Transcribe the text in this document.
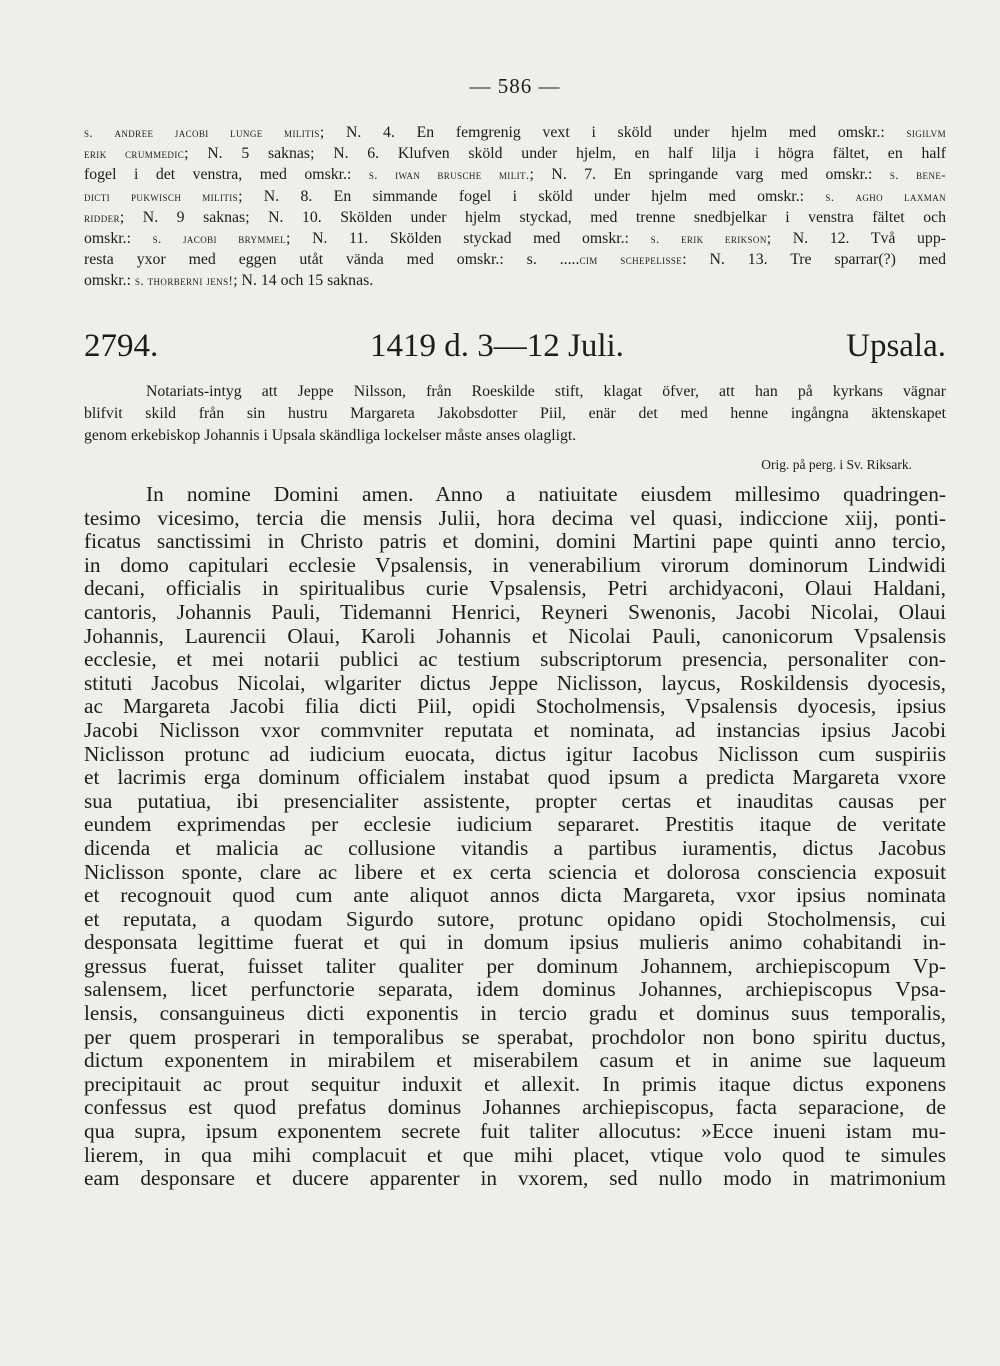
— 586 —
s. andree jacobi lunge militis; N. 4. En femgrenig vext i sköld under hjelm med omskr.: sigilvm
erik crummedic; N. 5 saknas; N. 6. Klufven sköld under hjelm, en half lilja i högra fältet, en half
fogel i det venstra, med omskr.: s. iwan brusche milit.; N. 7. En springande varg med omskr.: s. bene-
dicti pukwisch militis; N. 8. En simmande fogel i sköld under hjelm med omskr.: s. agho laxman
ridder; N. 9 saknas; N. 10. Skölden under hjelm styckad, med trenne snedbjelkar i venstra fältet och
omskr.: s. jacobi brymmel; N. 11. Skölden styckad med omskr.: s. erik erikson; N. 12. Två upp-
resta yxor med eggen utåt vända med omskr.: s. .....cim schepelisse: N. 13. Tre sparrar(?) med
omskr.: s. thorberni jens!; N. 14 och 15 saknas.
2794.	1419 d. 3—12 Juli.	Upsala.
Notariats-intyg att Jeppe Nilsson, från Roeskilde stift, klagat öfver, att han på kyrkans vägnar
blifvit skild från sin hustru Margareta Jakobsdotter Piil, enär det med henne ingångna äktenskapet
genom erkebiskop Johannis i Upsala skändliga lockelser måste anses olagligt.
Orig. på perg. i Sv. Riksark.
In nomine Domini amen. Anno a natiuitate eiusdem millesimo quadringen-
tesimo vicesimo, tercia die mensis Julii, hora decima vel quasi, indiccione xiij, ponti-
ficatus sanctissimi in Christo patris et domini, domini Martini pape quinti anno tercio,
in domo capitulari ecclesie Vpsalensis, in venerabilium virorum dominorum Lindwidi
decani, officialis in spiritualibus curie Vpsalensis, Petri archidyaconi, Olaui Haldani,
cantoris, Johannis Pauli, Tidemanni Henrici, Reyneri Swenonis, Jacobi Nicolai, Olaui
Johannis, Laurencii Olaui, Karoli Johannis et Nicolai Pauli, canonicorum Vpsalensis
ecclesie, et mei notarii publici ac testium subscriptorum presencia, personaliter con-
stituti Jacobus Nicolai, wlgariter dictus Jeppe Niclisson, laycus, Roskildensis dyocesis,
ac Margareta Jacobi filia dicti Piil, opidi Stocholmensis, Vpsalensis dyocesis, ipsius
Jacobi Niclisson vxor commvniter reputata et nominata, ad instancias ipsius Jacobi
Niclisson protunc ad iudicium euocata, dictus igitur Iacobus Niclisson cum suspiriis
et lacrimis erga dominum officialem instabat quod ipsum a predicta Margareta vxore
sua putatiua, ibi presencialiter assistente, propter certas et inauditas causas per
eundem exprimendas per ecclesie iudicium separaret. Prestitis itaque de veritate
dicenda et malicia ac collusione vitandis a partibus iuramentis, dictus Jacobus
Niclisson sponte, clare ac libere et ex certa sciencia et dolorosa consciencia exposuit
et recognouit quod cum ante aliquot annos dicta Margareta, vxor ipsius nominata
et reputata, a quodam Sigurdo sutore, protunc opidano opidi Stocholmensis, cui
desponsata legittime fuerat et qui in domum ipsius mulieris animo cohabitandi in-
gressus fuerat, fuisset taliter qualiter per dominum Johannem, archiepiscopum Vp-
salensem, licet perfunctorie separata, idem dominus Johannes, archiepiscopus Vpsa-
lensis, consanguineus dicti exponentis in tercio gradu et dominus suus temporalis,
per quem prosperari in temporalibus se sperabat, prochdolor non bono spiritu ductus,
dictum exponentem in mirabilem et miserabilem casum et in anime sue laqueum
precipitauit ac prout sequitur induxit et allexit. In primis itaque dictus exponens
confessus est quod prefatus dominus Johannes archiepiscopus, facta separacione, de
qua supra, ipsum exponentem secrete fuit taliter allocutus: »Ecce inueni istam mu-
lierem, in qua mihi complacuit et que mihi placet, vtique volo quod te simules
eam desponsare et ducere apparenter in vxorem, sed nullo modo in matrimonium
